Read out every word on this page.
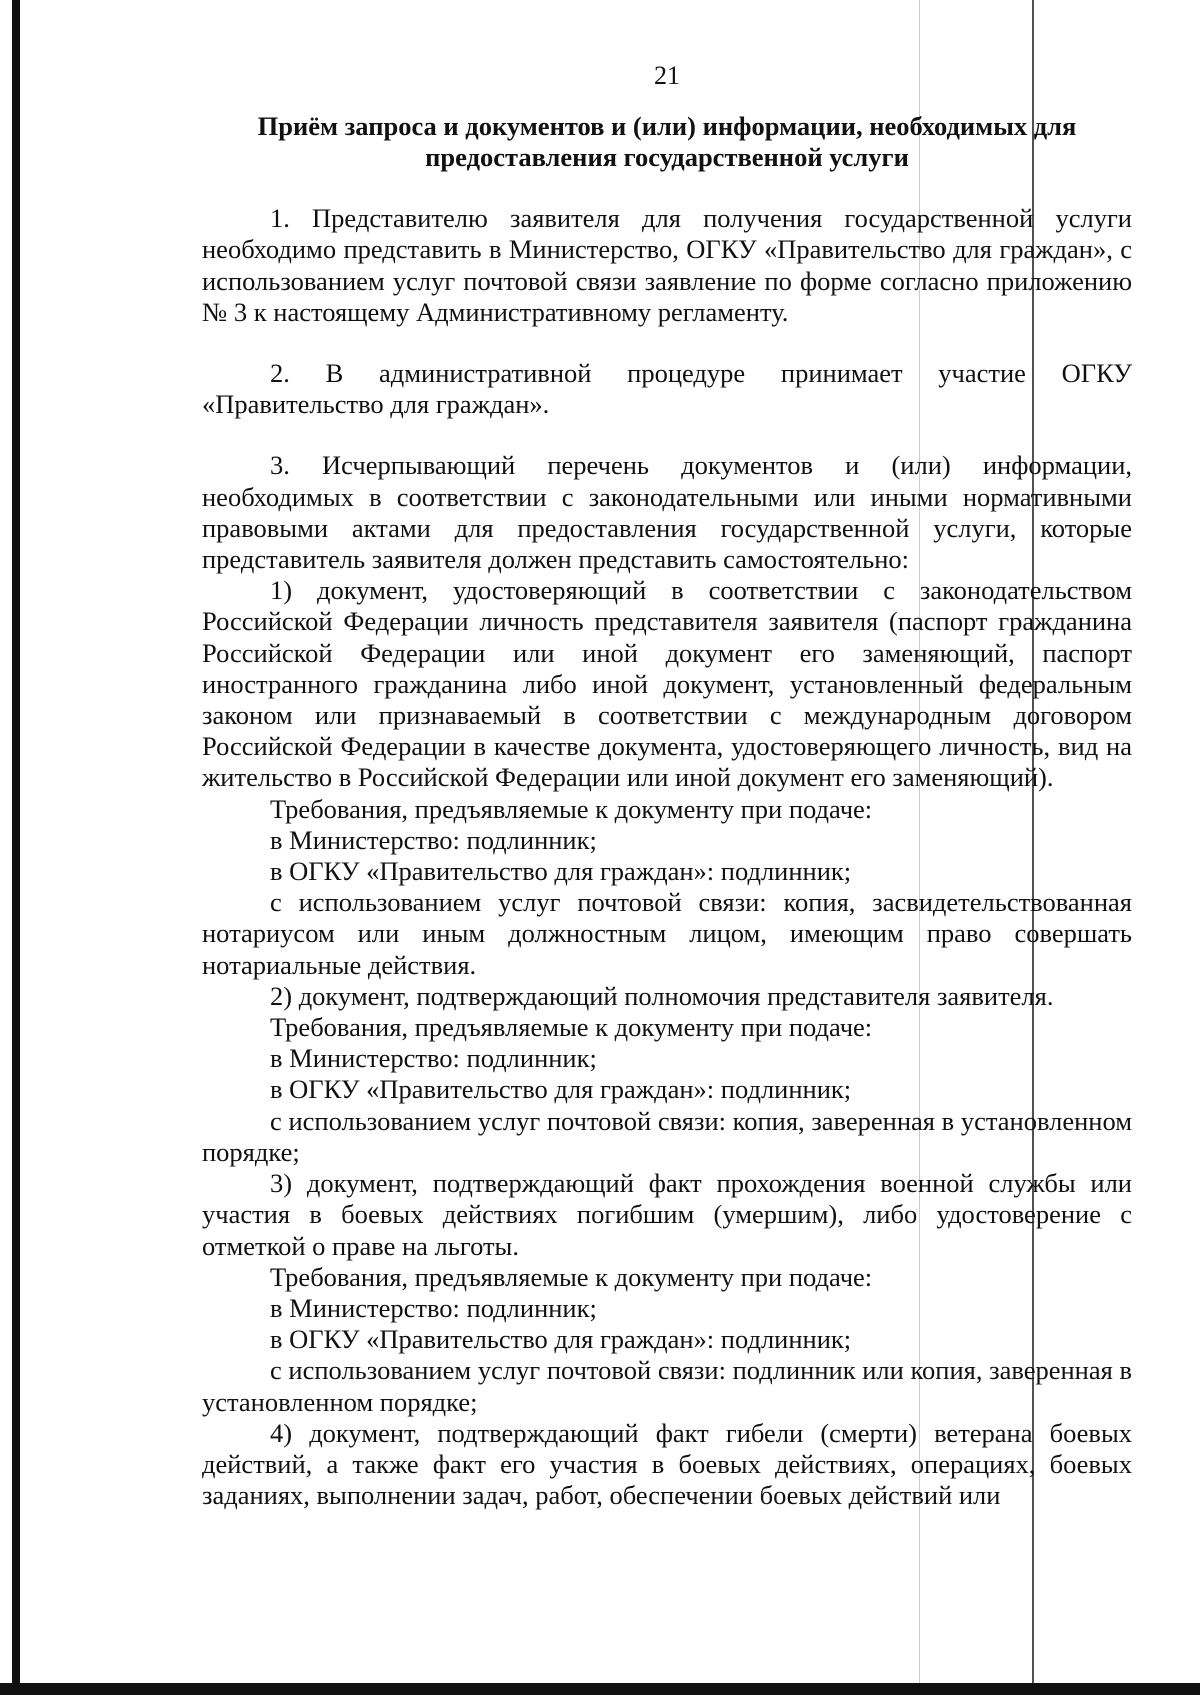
21
Приём запроса и документов и (или) информации, необходимых для
предоставления государственной услуги

1. Представителю заявителя для получения государственной услуги необходимо представить в Министерство, ОГКУ «Правительство для граждан», с использованием услуг почтовой связи заявление по форме согласно приложению № 3 к настоящему Административному регламенту.

2. В административной процедуре принимает участие ОГКУ «Правительство для граждан».

3. Исчерпывающий перечень документов и (или) информации, необходимых в соответствии с законодательными или иными нормативными правовыми актами для предоставления государственной услуги, которые представитель заявителя должен представить самостоятельно:

1) документ, удостоверяющий в соответствии с законодательством Российской Федерации личность представителя заявителя (паспорт гражданина Российской Федерации или иной документ его заменяющий, паспорт иностранного гражданина либо иной документ, установленный федеральным законом или признаваемый в соответствии с международным договором Российской Федерации в качестве документа, удостоверяющего личность, вид на жительство в Российской Федерации или иной документ его заменяющий).

Требования, предъявляемые к документу при подаче:

в Министерство: подлинник;

в ОГКУ «Правительство для граждан»: подлинник;

с использованием услуг почтовой связи: копия, засвидетельствованная нотариусом или иным должностным лицом, имеющим право совершать нотариальные действия.

2) документ, подтверждающий полномочия представителя заявителя.

Требования, предъявляемые к документу при подаче:

в Министерство: подлинник;

в ОГКУ «Правительство для граждан»: подлинник;

с использованием услуг почтовой связи: копия, заверенная в установленном порядке;

3) документ, подтверждающий факт прохождения военной службы или участия в боевых действиях погибшим (умершим), либо удостоверение с отметкой о праве на льготы.

Требования, предъявляемые к документу при подаче:

в Министерство: подлинник;

в ОГКУ «Правительство для граждан»: подлинник;

с использованием услуг почтовой связи: подлинник или копия, заверенная в установленном порядке;

4) документ, подтверждающий факт гибели (смерти) ветерана боевых действий, а также факт его участия в боевых действиях, операциях, боевых заданиях, выполнении задач, работ, обеспечении боевых действий или
